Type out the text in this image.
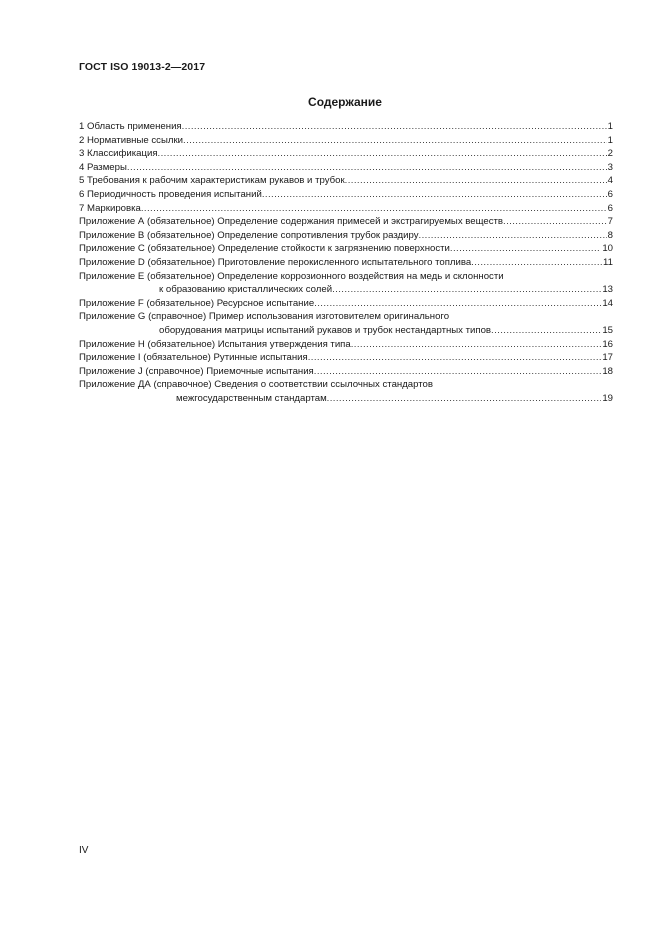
ГОСТ ISO 19013-2—2017
Содержание
1 Область применения .....	1
2 Нормативные ссылки .....	1
3 Классификация .....	2
4 Размеры .....	3
5 Требования к рабочим характеристикам рукавов и трубок .....	4
6 Периодичность проведения испытаний .....	6
7 Маркировка .....	6
Приложение А (обязательное) Определение содержания примесей и экстрагируемых веществ .....	7
Приложение В (обязательное) Определение сопротивления трубок раздиру .....	8
Приложение С (обязательное) Определение стойкости к загрязнению поверхности .....	10
Приложение D (обязательное) Приготовление перокисленного испытательного топлива .....	11
Приложение Е (обязательное) Определение коррозионного воздействия на медь и склонности
к образованию кристаллических солей .....	13
Приложение F (обязательное) Ресурсное испытание .....	14
Приложение G (справочное) Пример использования изготовителем оригинального
оборудования матрицы испытаний рукавов и трубок нестандартных типов .....	15
Приложение Н (обязательное) Испытания утверждения типа .....	16
Приложение I (обязательное) Рутинные испытания .....	17
Приложение J (справочное) Приемочные испытания .....	18
Приложение ДА (справочное) Сведения о соответствии ссылочных стандартов
межгосударственным стандартам .....	19
IV
